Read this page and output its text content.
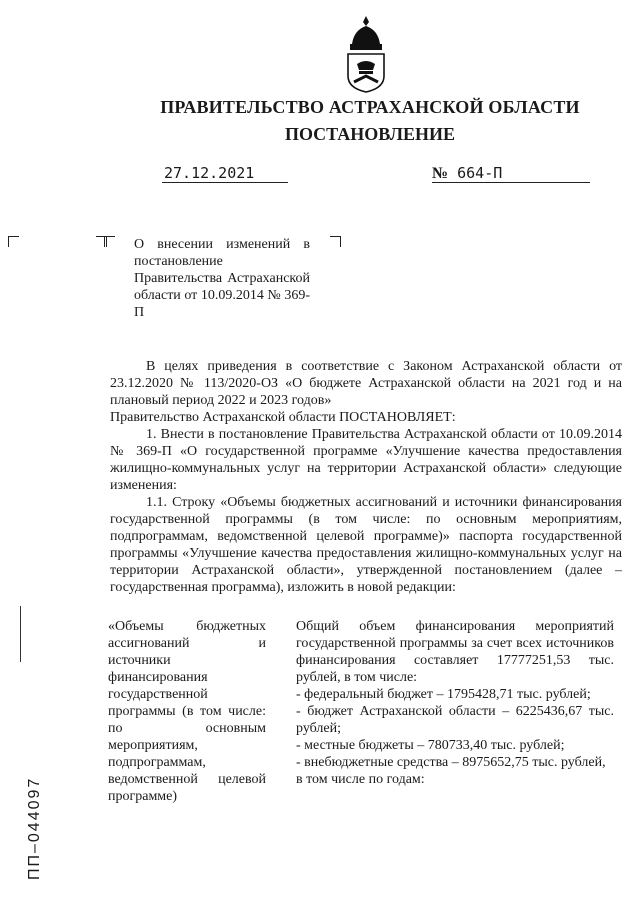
ПРАВИТЕЛЬСТВО АСТРАХАНСКОЙ ОБЛАСТИ
ПОСТАНОВЛЕНИЕ
27.12.2021	№ 664-П
О внесении изменений в постановление Правительства Астраханской области от 10.09.2014 № 369-П

В целях приведения в соответствие с Законом Астраханской области от 23.12.2020 № 113/2020-ОЗ «О бюджете Астраханской области на 2021 год и на плановый период 2022 и 2023 годов»

Правительство Астраханской области ПОСТАНОВЛЯЕТ:

1. Внести в постановление Правительства Астраханской области от 10.09.2014 № 369-П «О государственной программе «Улучшение качества предоставления жилищно-коммунальных услуг на территории Астраханской области» следующие изменения:

1.1. Строку «Объемы бюджетных ассигнований и источники финансирования государственной программы (в том числе: по основным мероприятиям, подпрограммам, ведомственной целевой программе)» паспорта государственной программы «Улучшение качества предоставления жилищно-коммунальных услуг на территории Астраханской области», утвержденной постановлением (далее – государственная программа), изложить в новой редакции:

«Объемы бюджетных ассигнований и источники финансирования государственной программы (в том числе: по основным мероприятиям, подпрограммам, ведомственной целевой программе)

Общий объем финансирования мероприятий государственной программы за счет всех источников финансирования составляет 17777251,53 тыс. рублей, в том числе:

- федеральный бюджет – 1795428,71 тыс. рублей;

- бюджет Астраханской области – 6225436,67 тыс. рублей;

- местные бюджеты – 780733,40 тыс. рублей;

- внебюджетные средства – 8975652,75 тыс. рублей,

в том числе по годам:

ПП–044097
